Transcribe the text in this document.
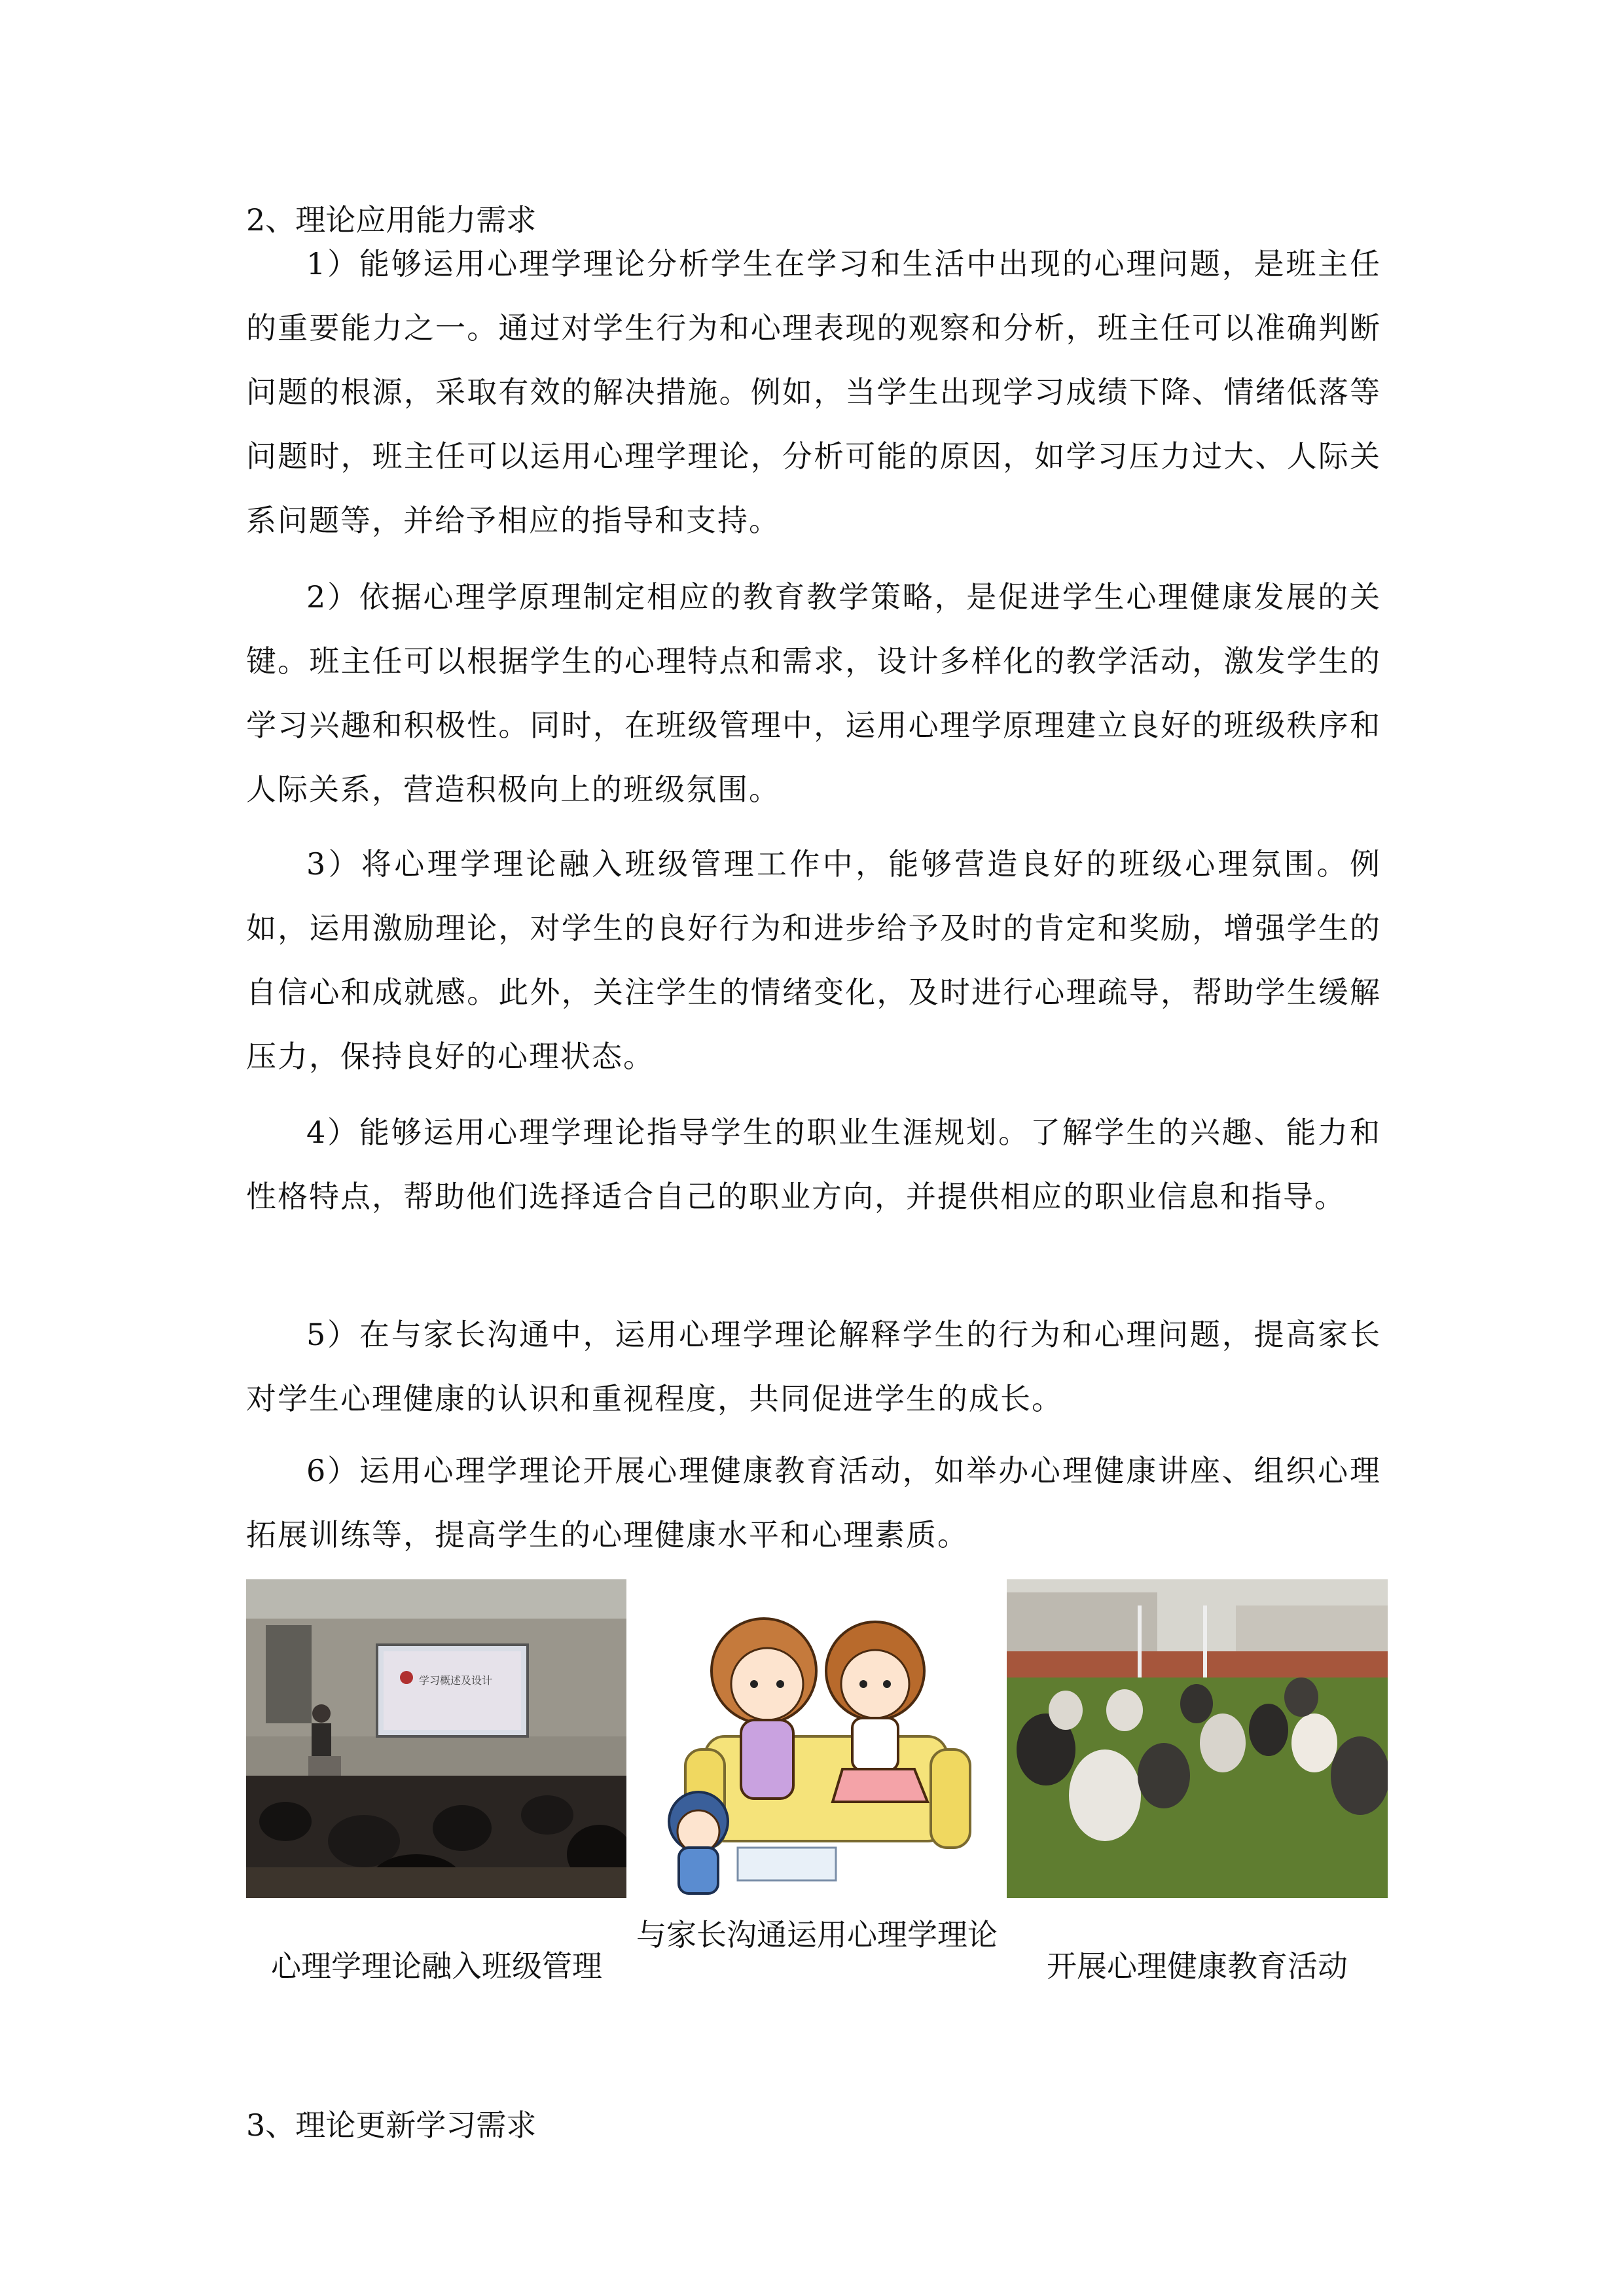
2、理论应用能力需求
1）能够运用心理学理论分析学生在学习和生活中出现的心理问题，是班主任的重要能力之一。通过对学生行为和心理表现的观察和分析，班主任可以准确判断问题的根源，采取有效的解决措施。例如，当学生出现学习成绩下降、情绪低落等问题时，班主任可以运用心理学理论，分析可能的原因，如学习压力过大、人际关系问题等，并给予相应的指导和支持。
2）依据心理学原理制定相应的教育教学策略，是促进学生心理健康发展的关键。班主任可以根据学生的心理特点和需求，设计多样化的教学活动，激发学生的学习兴趣和积极性。同时，在班级管理中，运用心理学原理建立良好的班级秩序和人际关系，营造积极向上的班级氛围。
3）将心理学理论融入班级管理工作中，能够营造良好的班级心理氛围。例如，运用激励理论，对学生的良好行为和进步给予及时的肯定和奖励，增强学生的自信心和成就感。此外，关注学生的情绪变化，及时进行心理疏导，帮助学生缓解压力，保持良好的心理状态。
4）能够运用心理学理论指导学生的职业生涯规划。了解学生的兴趣、能力和性格特点，帮助他们选择适合自己的职业方向，并提供相应的职业信息和指导。
5）在与家长沟通中，运用心理学理论解释学生的行为和心理问题，提高家长对学生心理健康的认识和重视程度，共同促进学生的成长。
6）运用心理学理论开展心理健康教育活动，如举办心理健康讲座、组织心理拓展训练等，提高学生的心理健康水平和心理素质。
学习概述及设计
心理学理论融入班级管理
与家长沟通运用心理学理论
开展心理健康教育活动
3、理论更新学习需求
